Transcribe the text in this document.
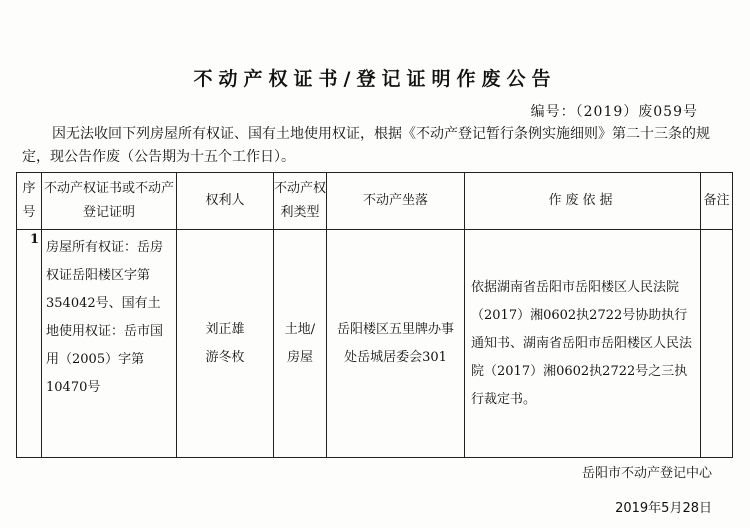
不动产权证书/登记证明作废公告
编号：（2019）废059号
因无法收回下列房屋所有权证、国有土地使用权证，根据《不动产登记暂行条例实施细则》第二十三条的规定，现公告作废（公告期为十五个工作日）。
序号	不动产权证书或不动产登记证明	权利人	不动产权利类型	不动产坐落	作废依据	备注
1	房屋所有权证：岳房权证岳阳楼区字第354042号、国有土地使用权证：岳市国用（2005）字第10470号	刘正雄 游冬枚	土地/房屋	岳阳楼区五里牌办事处岳城居委会301	依据湖南省岳阳市岳阳楼区人民法院（2017）湘0602执2722号协助执行通知书、湖南省岳阳市岳阳楼区人民法院（2017）湘0602执2722号之三执行裁定书。	
岳阳市不动产登记中心
2019年5月28日
